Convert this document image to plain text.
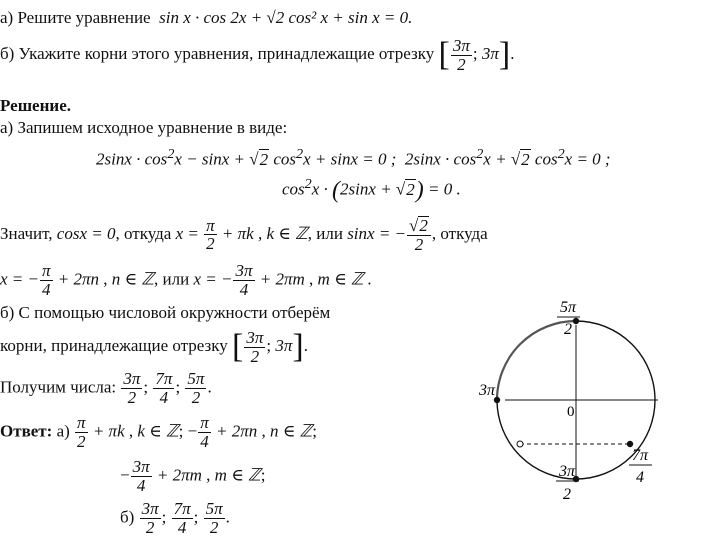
а) Решите уравнение sin x · cos 2x + √2 cos² x + sin x = 0.
б) Укажите корни этого уравнения, принадлежащие отрезку [ $\frac{3\pi}{2}$ ; 3π].
Решение.
а) Запишем исходное уравнение в виде:
$2\sin x \cdot \cos^2x - \sin x + √2$ $\cos^2x + \sin x = 0$ ;  $2\sin x \cdot \cos^2x + √2$ $\cos^2x = 0$ ;
$\cos^2x \cdot (2\sin x + √2) = 0$ .
Значит, cosx = 0, откуда $x = \frac{\pi}{2} + \pi k$ , k ∈ ℤ, или sinx = − $\frac{√2}{2}$ , откуда
x = − $\frac{\pi}{4} + 2\pi n$ , n ∈ ℤ, или x = − $\frac{3\pi}{4} + 2\pi m$ , m ∈ ℤ .
б) С помощью числовой окружности отберём
корни, принадлежащие отрезку [ $\frac{3\pi}{2}$ ; 3π].
Получим числа: $\frac{3\pi}{2}$ ; $\frac{7\pi}{4}$ ; $\frac{5\pi}{2}$ .
Ответ: $а) \frac{\pi}{2} + \pi k$ , k ∈ ℤ; − $\frac{\pi}{4} + 2\pi n$ , n ∈ ℤ;
− $\frac{3\pi}{4} + 2\pi m$ , m ∈ ℤ;
$б) \frac{3\pi}{2}$ ; $\frac{7\pi}{4}$ ; $\frac{5\pi}{2}$ .
5π
2
3π
0
3π
2
7π
4
